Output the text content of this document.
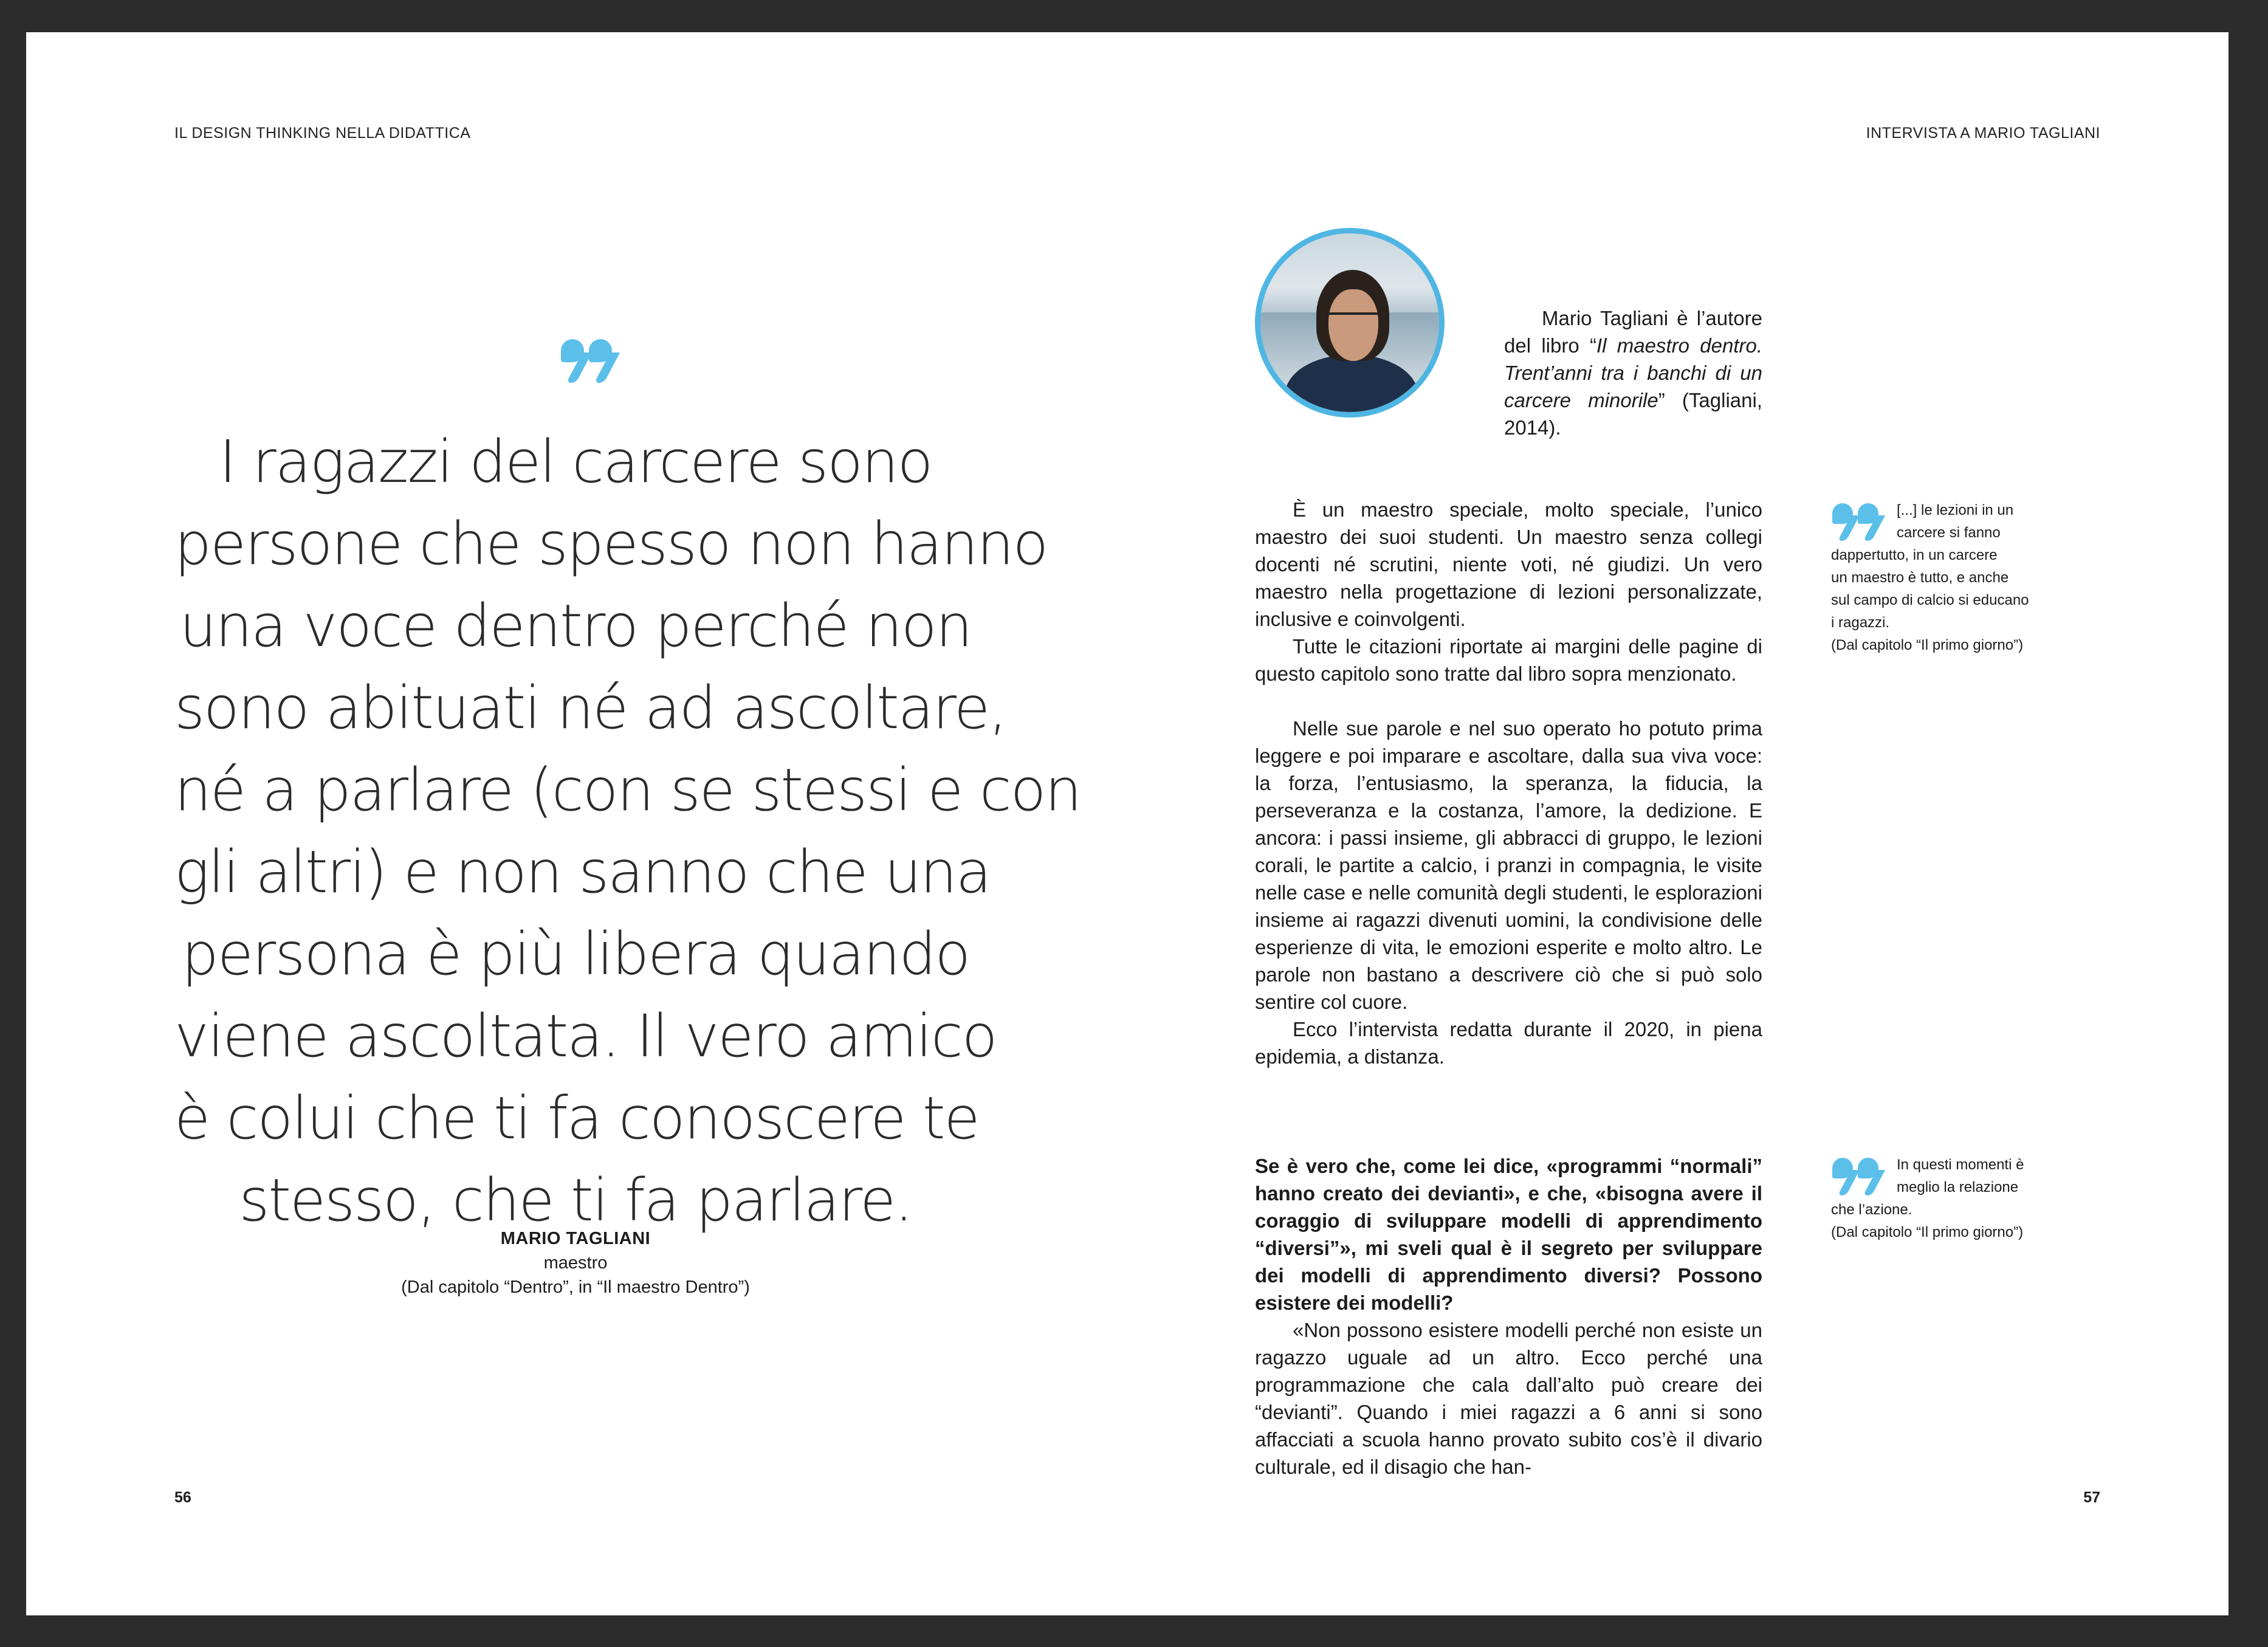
IL DESIGN THINKING NELLA DIDATTICA
I ragazzi del carcere sono
persone che spesso non hanno
una voce dentro perché non
sono abituati né ad ascoltare,
né a parlare (con se stessi e con
gli altri) e non sanno che una
persona è più libera quando
viene ascoltata. Il vero amico
è colui che ti fa conoscere te
stesso, che ti fa parlare.
MARIO TAGLIANI
maestro
(Dal capitolo “Dentro”, in “Il maestro Dentro”)
56
INTERVISTA A MARIO TAGLIANI
Mario Tagliani è l’autore del libro “Il maestro dentro. Trent’anni tra i banchi di un carcere minorile” (Tagliani, 2014).

È un maestro speciale, molto speciale, l’unico maestro dei suoi studenti. Un maestro senza collegi docenti né scrutini, niente voti, né giudizi. Un vero maestro nella progettazione di lezioni personalizzate, inclusive e coinvolgenti.

Tutte le citazioni riportate ai margini delle pagine di questo capitolo sono tratte dal libro sopra menzionato.

Nelle sue parole e nel suo operato ho potuto prima leggere e poi imparare e ascoltare, dalla sua viva voce: la forza, l’entusiasmo, la speranza, la fiducia, la perseveranza e la costanza, l’amore, la dedizione. E ancora: i passi insieme, gli abbracci di gruppo, le lezioni corali, le partite a calcio, i pranzi in compagnia, le visite nelle case e nelle comunità degli studenti, le esplorazioni insieme ai ragazzi divenuti uomini, la condivisione delle esperienze di vita, le emozioni esperite e molto altro. Le parole non bastano a descrivere ciò che si può solo sentire col cuore.

Ecco l’intervista redatta durante il 2020, in piena epidemia, a distanza.

Se è vero che, come lei dice, «programmi “normali” hanno creato dei devianti», e che, «bisogna avere il coraggio di sviluppare modelli di apprendimento “diversi”», mi sveli qual è il segreto per sviluppare dei modelli di apprendimento diversi? Possono esistere dei modelli?

«Non possono esistere modelli perché non esiste un ragazzo uguale ad un altro. Ecco perché una programmazione che cala dall’alto può creare dei “devianti”. Quando i miei ragazzi a 6 anni si sono affacciati a scuola hanno provato subito cos’è il divario culturale, ed il disagio che han-

[...] le lezioni in un
carcere si fanno
dappertutto, in un carcere
un maestro è tutto, e anche
sul campo di calcio si educano
i ragazzi.
(Dal capitolo “Il primo giorno”)
In questi momenti è
meglio la relazione
che l’azione.
(Dal capitolo “Il primo giorno”)
57
